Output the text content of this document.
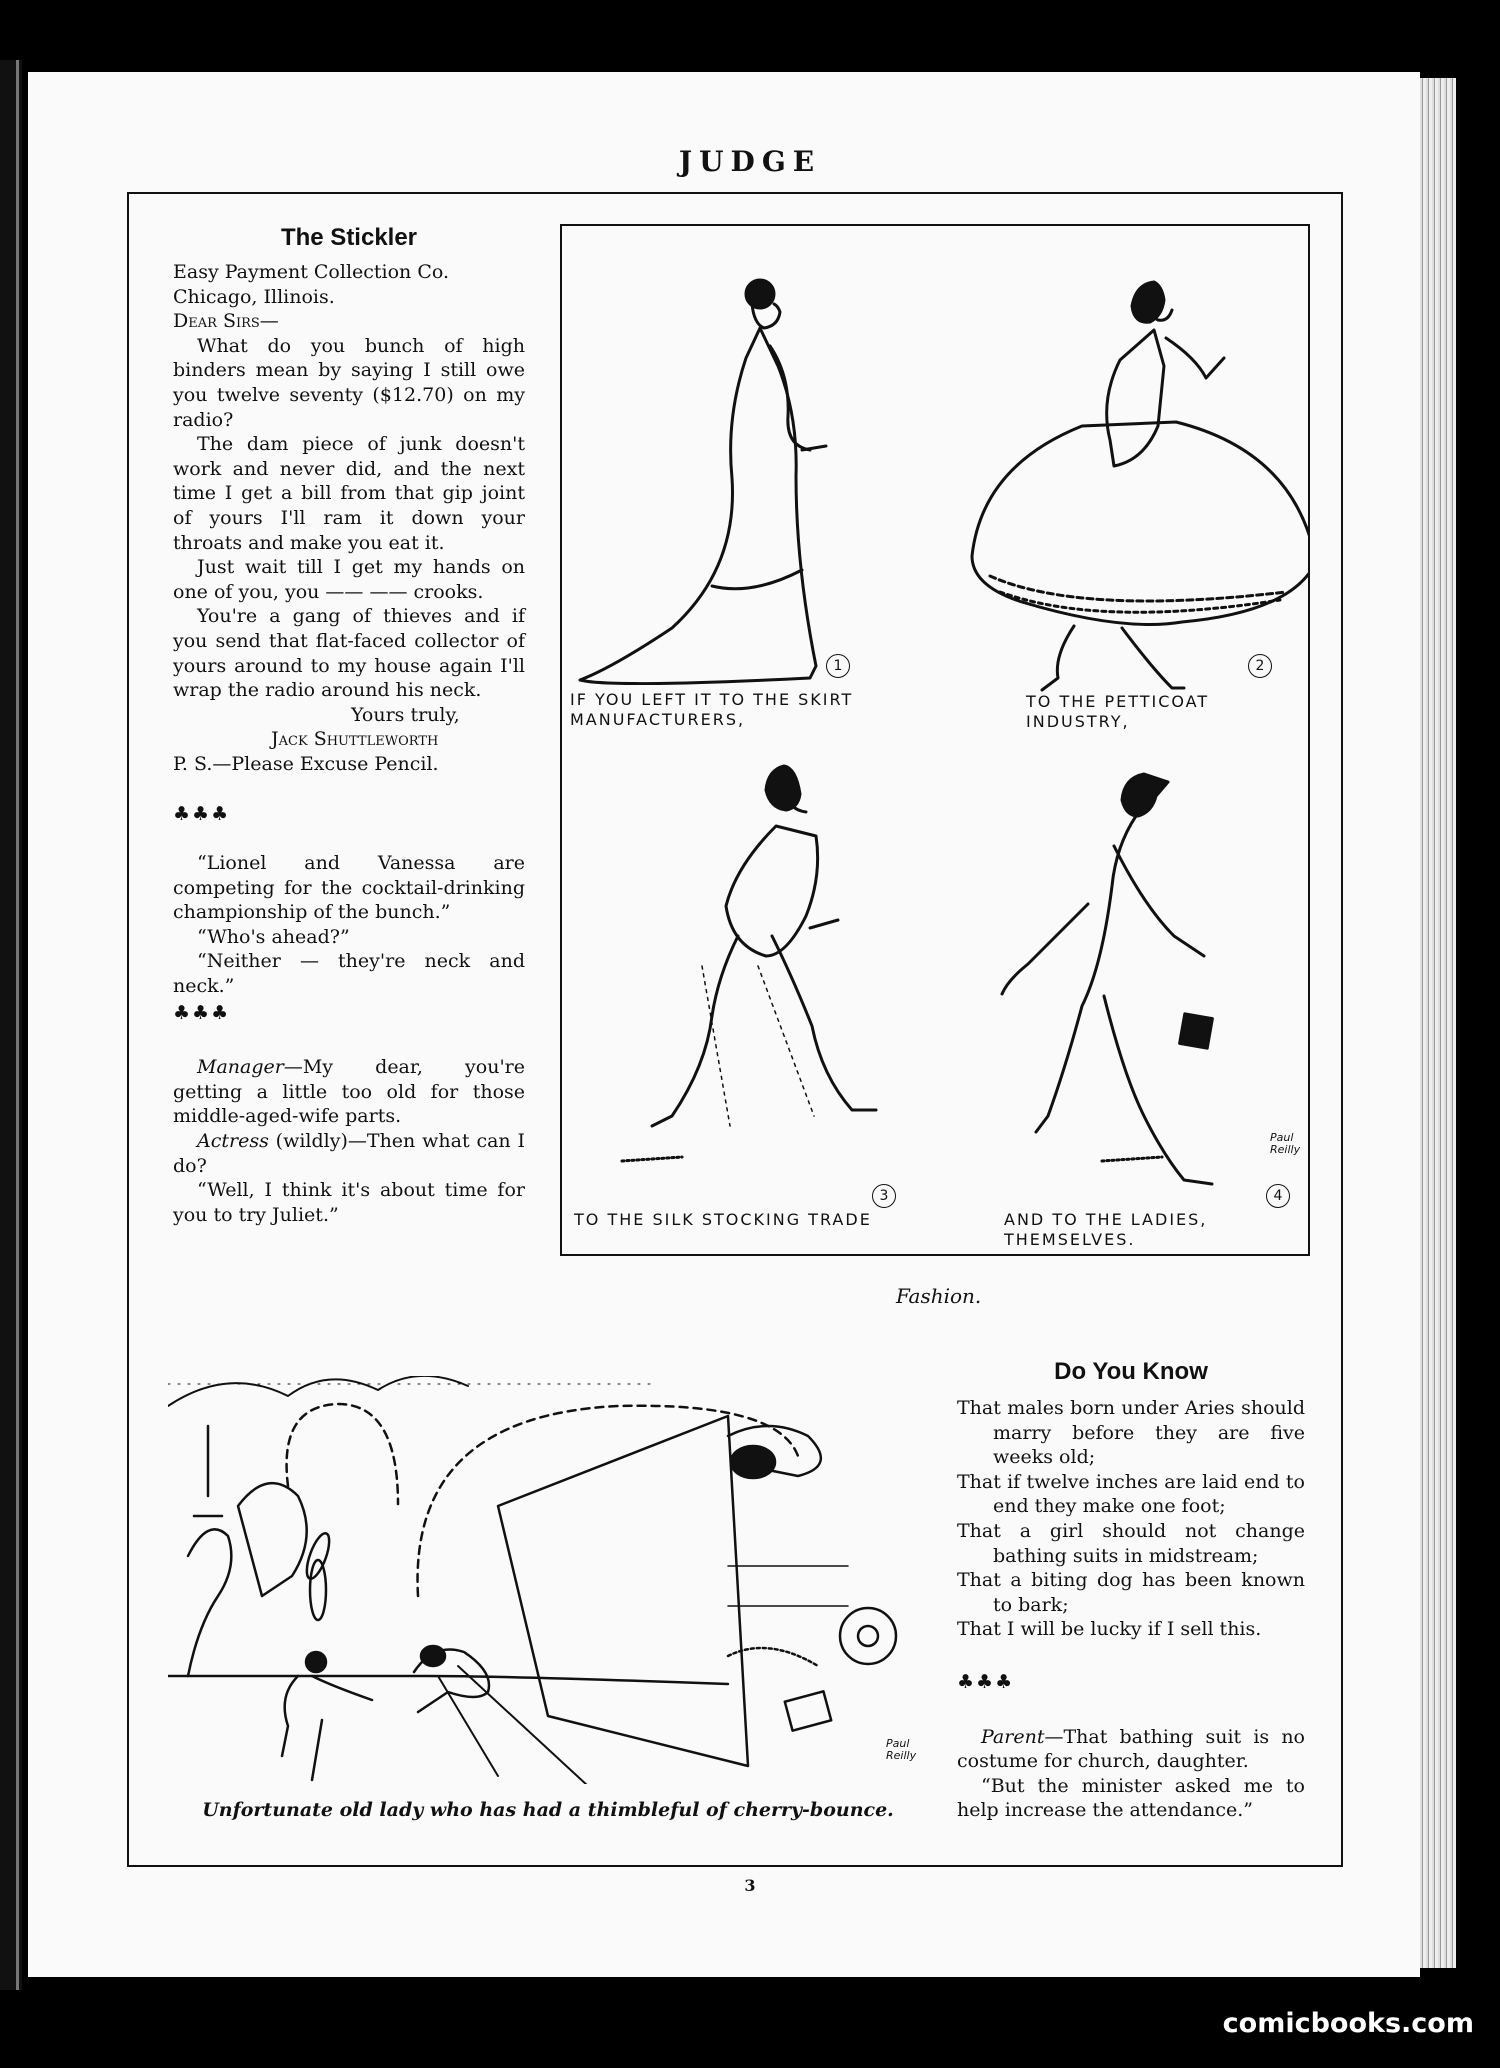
JUDGE
The Stickler

Easy Payment Collection Co.

Chicago, Illinois.

Dear Sirs—

What do you bunch of high binders mean by saying I still owe you twelve seventy ($12.70) on my radio?

The dam piece of junk doesn't work and never did, and the next time I get a bill from that gip joint of yours I'll ram it down your throats and make you eat it.

Just wait till I get my hands on one of you, you —— —— crooks.

You're a gang of thieves and if you send that flat-faced collector of yours around to my house again I'll wrap the radio around his neck.

Yours truly,

Jack Shuttleworth

P. S.—Please Excuse Pencil.

♣♣♣

“Lionel and Vanessa are competing for the cocktail-drinking championship of the bunch.”

“Who's ahead?”

“Neither — they're neck and neck.”

♣♣♣

Manager—My dear, you're getting a little too old for those middle-aged-wife parts.

Actress (wildly)—Then what can I do?

“Well, I think it's about time for you to try Juliet.”

IF YOU LEFT IT TO THE SKIRT MANUFACTURERS,
1
TO THE PETTICOAT INDUSTRY,
2
TO THE SILK STOCKING TRADE
3
AND TO THE LADIES, THEMSELVES.
4
Paul
Reilly
Fashion.
Paul
Reilly
Unfortunate old lady who has had a thimbleful of cherry-bounce.
Do You Know

That males born under Aries should marry before they are five weeks old;

That if twelve inches are laid end to end they make one foot;

That a girl should not change bathing suits in midstream;

That a biting dog has been known to bark;

That I will be lucky if I sell this.

♣♣♣

Parent—That bathing suit is no costume for church, daughter.

“But the minister asked me to help increase the attendance.”

3
comicbooks.com
